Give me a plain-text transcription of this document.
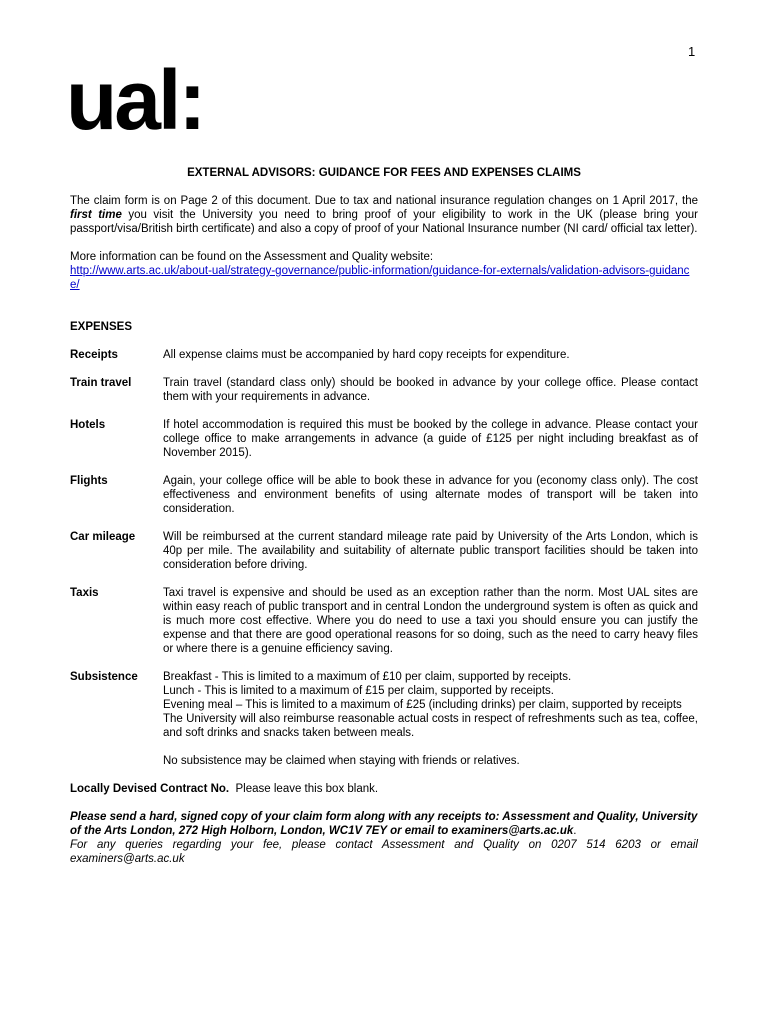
1
ual:

EXTERNAL ADVISORS: GUIDANCE FOR FEES AND EXPENSES CLAIMS

The claim form is on Page 2 of this document. Due to tax and national insurance regulation changes on 1 April 2017, the first time you visit the University you need to bring proof of your eligibility to work in the UK (please bring your passport/visa/British birth certificate) and also a copy of proof of your National Insurance number (NI card/ official tax letter).

More information can be found on the Assessment and Quality website:

http://www.arts.ac.uk/about-ual/strategy-governance/public-information/guidance-for-externals/validation-advisors-guidance/

EXPENSES

Receipts	All expense claims must be accompanied by hard copy receipts for expenditure.
Train travel	Train travel (standard class only) should be booked in advance by your college office. Please contact them with your requirements in advance.
Hotels	If hotel accommodation is required this must be booked by the college in advance. Please contact your college office to make arrangements in advance (a guide of £125 per night including breakfast as of November 2015).
Flights	Again, your college office will be able to book these in advance for you (economy class only). The cost effectiveness and environment benefits of using alternate modes of transport will be taken into consideration.
Car mileage	Will be reimbursed at the current standard mileage rate paid by University of the Arts London, which is 40p per mile. The availability and suitability of alternate public transport facilities should be taken into consideration before driving.
Taxis	Taxi travel is expensive and should be used as an exception rather than the norm. Most UAL sites are within easy reach of public transport and in central London the underground system is often as quick and is much more cost effective. Where you do need to use a taxi you should ensure you can justify the expense and that there are good operational reasons for so doing, such as the need to carry heavy files or where there is a genuine efficiency saving.
Subsistence	Breakfast - This is limited to a maximum of £10 per claim, supported by receipts.

Lunch - This is limited to a maximum of £15 per claim, supported by receipts.

Evening meal – This is limited to a maximum of £25 (including drinks) per claim, supported by receipts

The University will also reimburse reasonable actual costs in respect of refreshments such as tea, coffee, and soft drinks and snacks taken between meals.

No subsistence may be claimed when staying with friends or relatives.

Locally Devised Contract No. Please leave this box blank.

Please send a hard, signed copy of your claim form along with any receipts to: Assessment and Quality, University of the Arts London, 272 High Holborn, London, WC1V 7EY or email to examiners@arts.ac.uk.

For any queries regarding your fee, please contact Assessment and Quality on 0207 514 6203 or email examiners@arts.ac.uk
